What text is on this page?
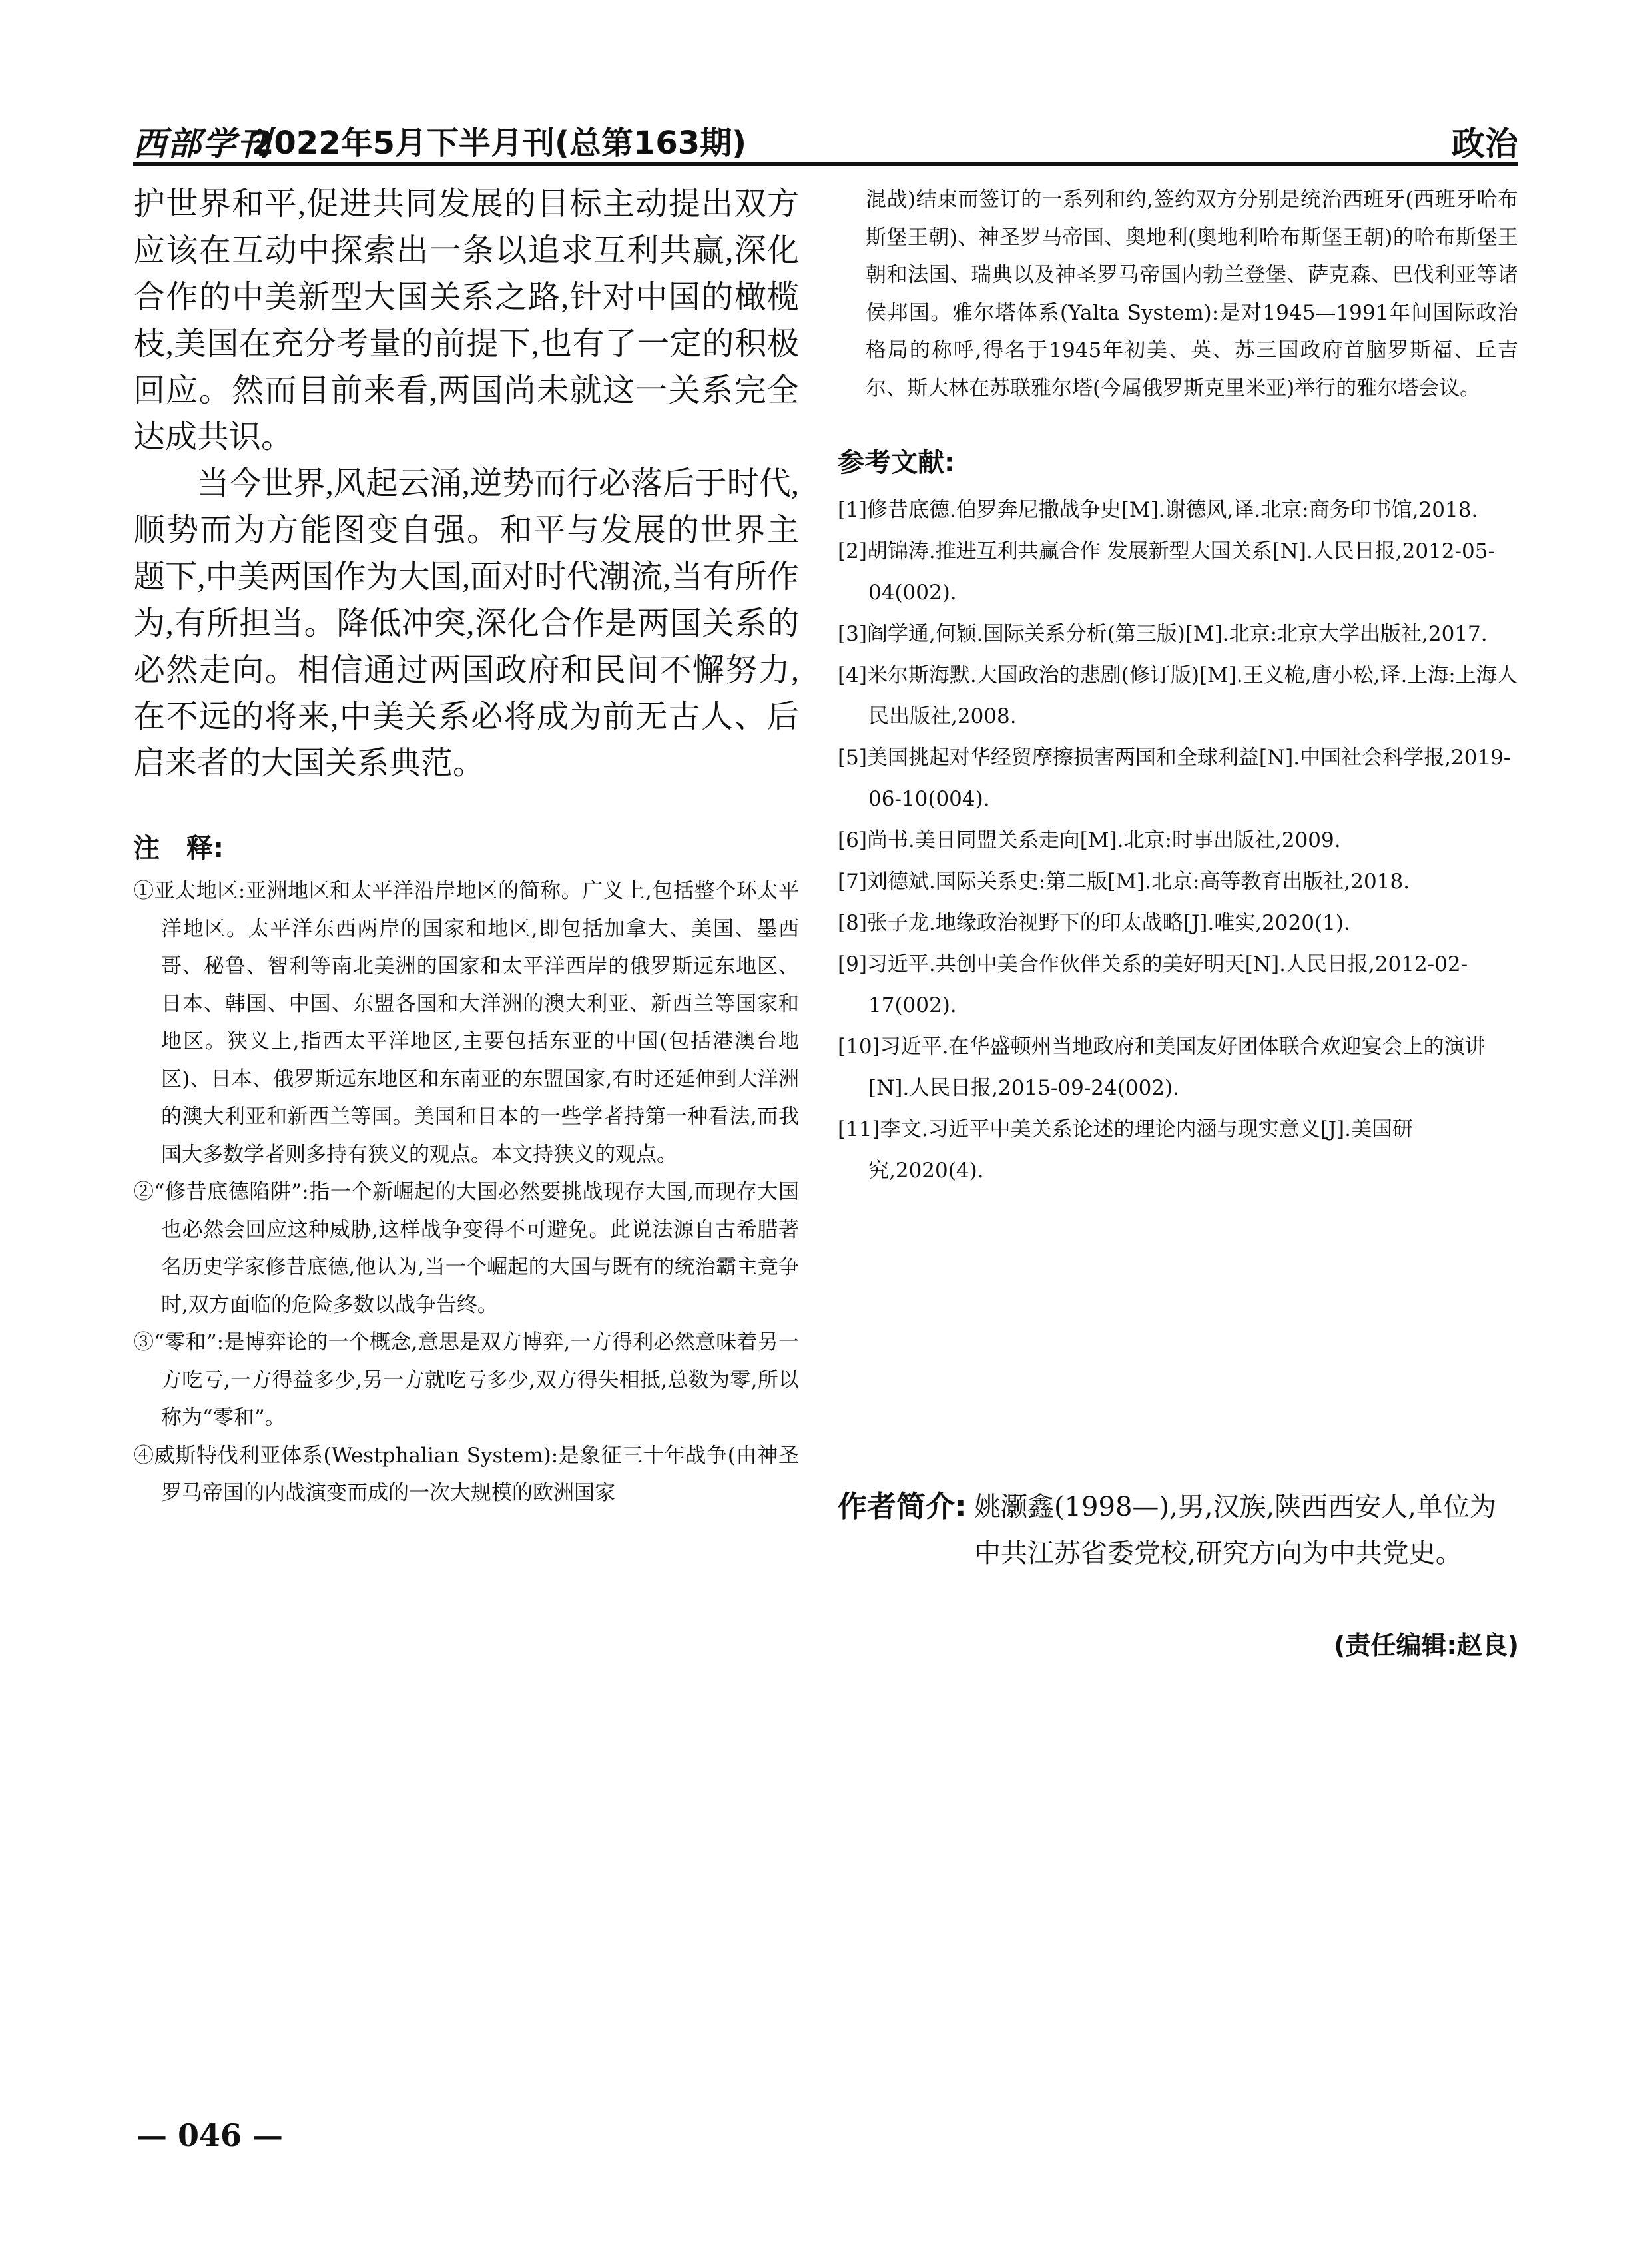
西部学刊
2022年5月下半月刊(总第163期)	政治

护世界和平,促进共同发展的目标主动提出双方应该在互动中探索出一条以追求互利共赢,深化合作的中美新型大国关系之路,针对中国的橄榄枝,美国在充分考量的前提下,也有了一定的积极回应。然而目前来看,两国尚未就这一关系完全达成共识。

当今世界,风起云涌,逆势而行必落后于时代,顺势而为方能图变自强。和平与发展的世界主题下,中美两国作为大国,面对时代潮流,当有所作为,有所担当。降低冲突,深化合作是两国关系的必然走向。相信通过两国政府和民间不懈努力,在不远的将来,中美关系必将成为前无古人、后启来者的大国关系典范。

注　释:

①亚太地区:亚洲地区和太平洋沿岸地区的简称。广义上,包括整个环太平洋地区。太平洋东西两岸的国家和地区,即包括加拿大、美国、墨西哥、秘鲁、智利等南北美洲的国家和太平洋西岸的俄罗斯远东地区、日本、韩国、中国、东盟各国和大洋洲的澳大利亚、新西兰等国家和地区。狭义上,指西太平洋地区,主要包括东亚的中国(包括港澳台地区)、日本、俄罗斯远东地区和东南亚的东盟国家,有时还延伸到大洋洲的澳大利亚和新西兰等国。美国和日本的一些学者持第一种看法,而我国大多数学者则多持有狭义的观点。本文持狭义的观点。

②“修昔底德陷阱”:指一个新崛起的大国必然要挑战现存大国,而现存大国也必然会回应这种威胁,这样战争变得不可避免。此说法源自古希腊著名历史学家修昔底德,他认为,当一个崛起的大国与既有的统治霸主竞争时,双方面临的危险多数以战争告终。

③“零和”:是博弈论的一个概念,意思是双方博弈,一方得利必然意味着另一方吃亏,一方得益多少,另一方就吃亏多少,双方得失相抵,总数为零,所以称为“零和”。

④威斯特伐利亚体系(Westphalian System):是象征三十年战争(由神圣罗马帝国的内战演变而成的一次大规模的欧洲国家

混战)结束而签订的一系列和约,签约双方分别是统治西班牙(西班牙哈布斯堡王朝)、神圣罗马帝国、奥地利(奥地利哈布斯堡王朝)的哈布斯堡王朝和法国、瑞典以及神圣罗马帝国内勃兰登堡、萨克森、巴伐利亚等诸侯邦国。雅尔塔体系(Yalta System):是对1945—1991年间国际政治格局的称呼,得名于1945年初美、英、苏三国政府首脑罗斯福、丘吉尔、斯大林在苏联雅尔塔(今属俄罗斯克里米亚)举行的雅尔塔会议。

参考文献:

[1]修昔底德.伯罗奔尼撒战争史[M].谢德风,译.北京:商务印书馆,2018.

[2]胡锦涛.推进互利共赢合作 发展新型大国关系[N].人民日报,2012-05-04(002).

[3]阎学通,何颖.国际关系分析(第三版)[M].北京:北京大学出版社,2017.

[4]米尔斯海默.大国政治的悲剧(修订版)[M].王义桅,唐小松,译.上海:上海人民出版社,2008.

[5]美国挑起对华经贸摩擦损害两国和全球利益[N].中国社会科学报,2019-06-10(004).

[6]尚书.美日同盟关系走向[M].北京:时事出版社,2009.

[7]刘德斌.国际关系史:第二版[M].北京:高等教育出版社,2018.

[8]张子龙.地缘政治视野下的印太战略[J].唯实,2020(1).

[9]习近平.共创中美合作伙伴关系的美好明天[N].人民日报,2012-02-17(002).

[10]习近平.在华盛顿州当地政府和美国友好团体联合欢迎宴会上的演讲[N].人民日报,2015-09-24(002).

[11]李文.习近平中美关系论述的理论内涵与现实意义[J].美国研究,2020(4).

作者简介: 姚灏鑫(1998—),男,汉族,陕西西安人,单位为中共江苏省委党校,研究方向为中共党史。
(责任编辑:赵良)
— 046 —
